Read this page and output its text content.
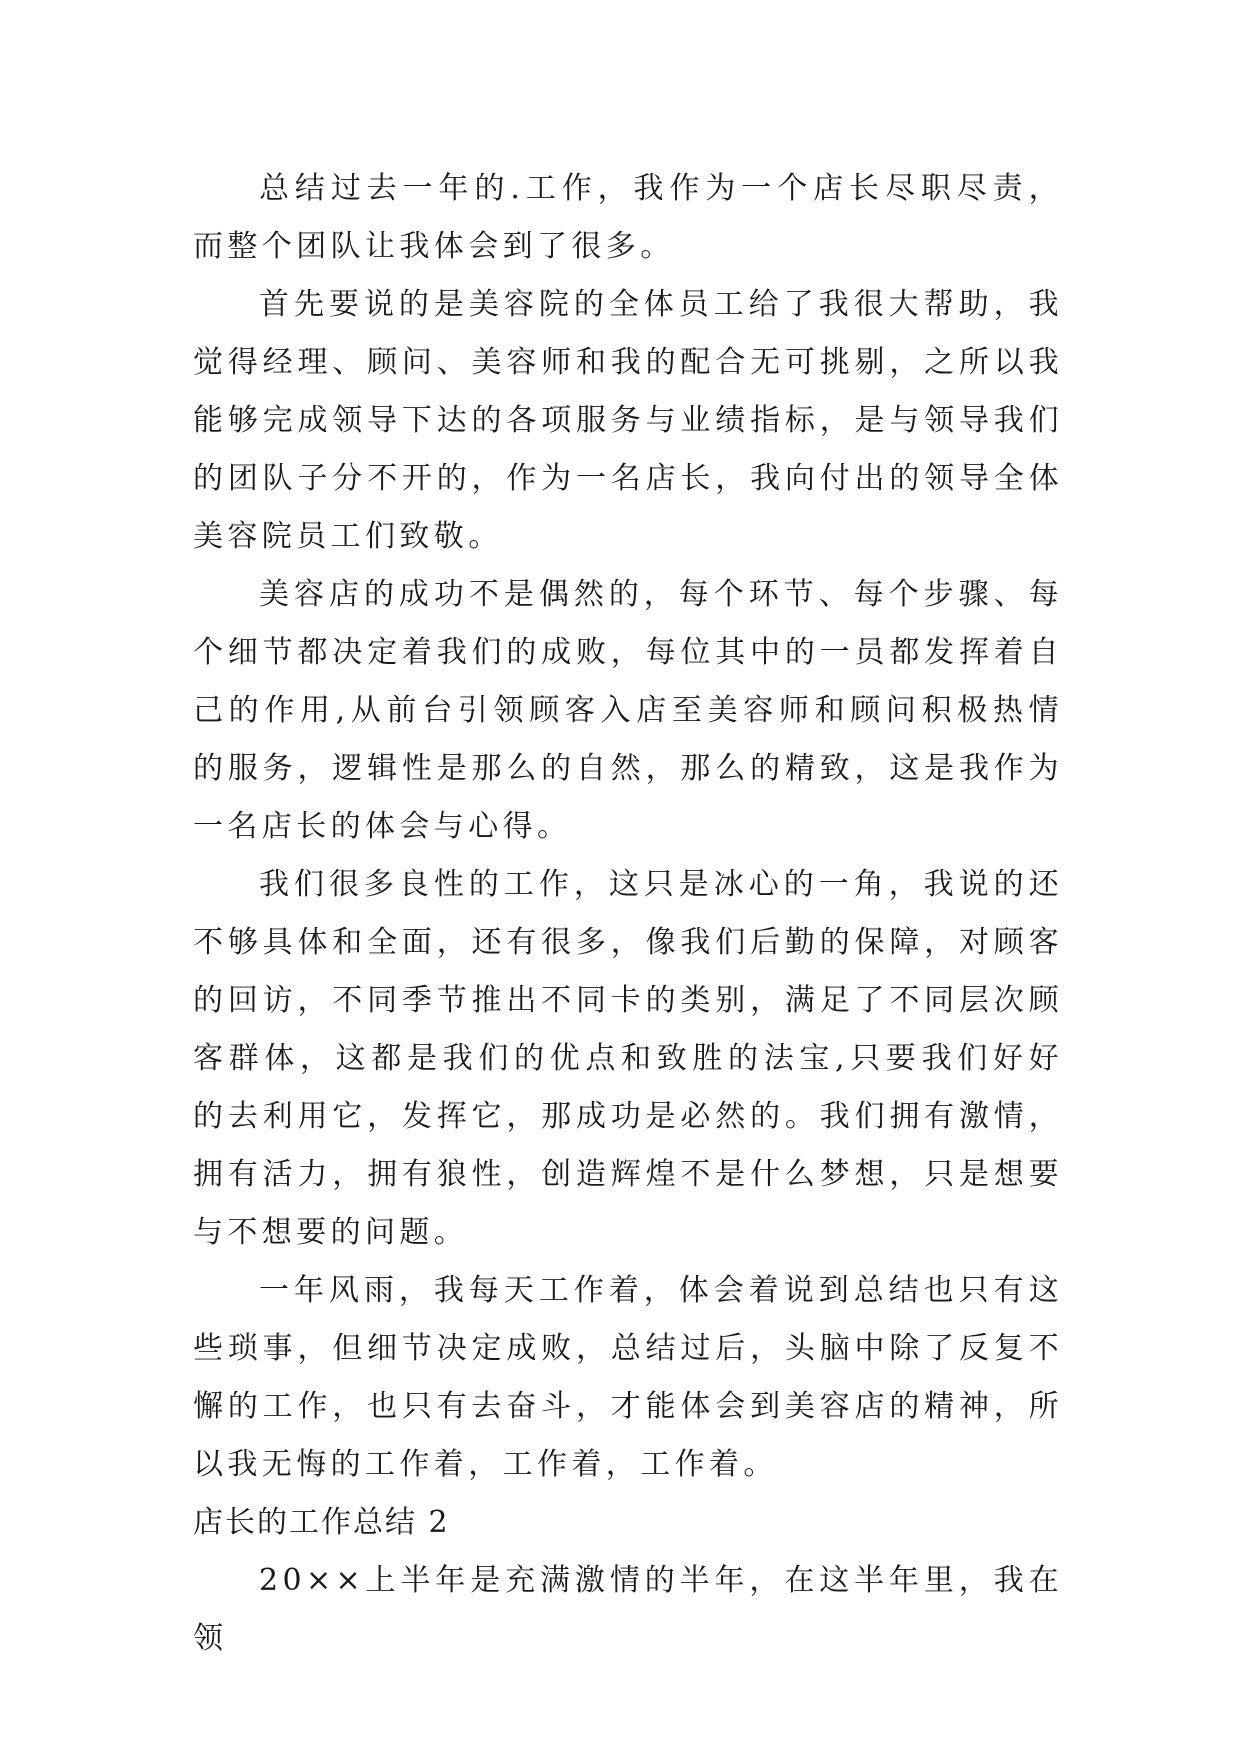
总结过去一年的.工作，我作为一个店长尽职尽责，而整个团队让我体会到了很多。

首先要说的是美容院的全体员工给了我很大帮助，我觉得经理、顾问、美容师和我的配合无可挑剔，之所以我能够完成领导下达的各项服务与业绩指标，是与领导我们的团队子分不开的，作为一名店长，我向付出的领导全体美容院员工们致敬。

美容店的成功不是偶然的，每个环节、每个步骤、每个细节都决定着我们的成败，每位其中的一员都发挥着自己的作用,从前台引领顾客入店至美容师和顾问积极热情的服务，逻辑性是那么的自然，那么的精致，这是我作为一名店长的体会与心得。

我们很多良性的工作，这只是冰心的一角，我说的还不够具体和全面，还有很多，像我们后勤的保障，对顾客的回访，不同季节推出不同卡的类别，满足了不同层次顾客群体，这都是我们的优点和致胜的法宝,只要我们好好的去利用它，发挥它，那成功是必然的。我们拥有激情，拥有活力，拥有狼性，创造辉煌不是什么梦想，只是想要与不想要的问题。

一年风雨，我每天工作着，体会着说到总结也只有这些琐事，但细节决定成败，总结过后，头脑中除了反复不懈的工作，也只有去奋斗，才能体会到美容店的精神，所以我无悔的工作着，工作着，工作着。

店长的工作总结 2

20××上半年是充满激情的半年，在这半年里，我在领
